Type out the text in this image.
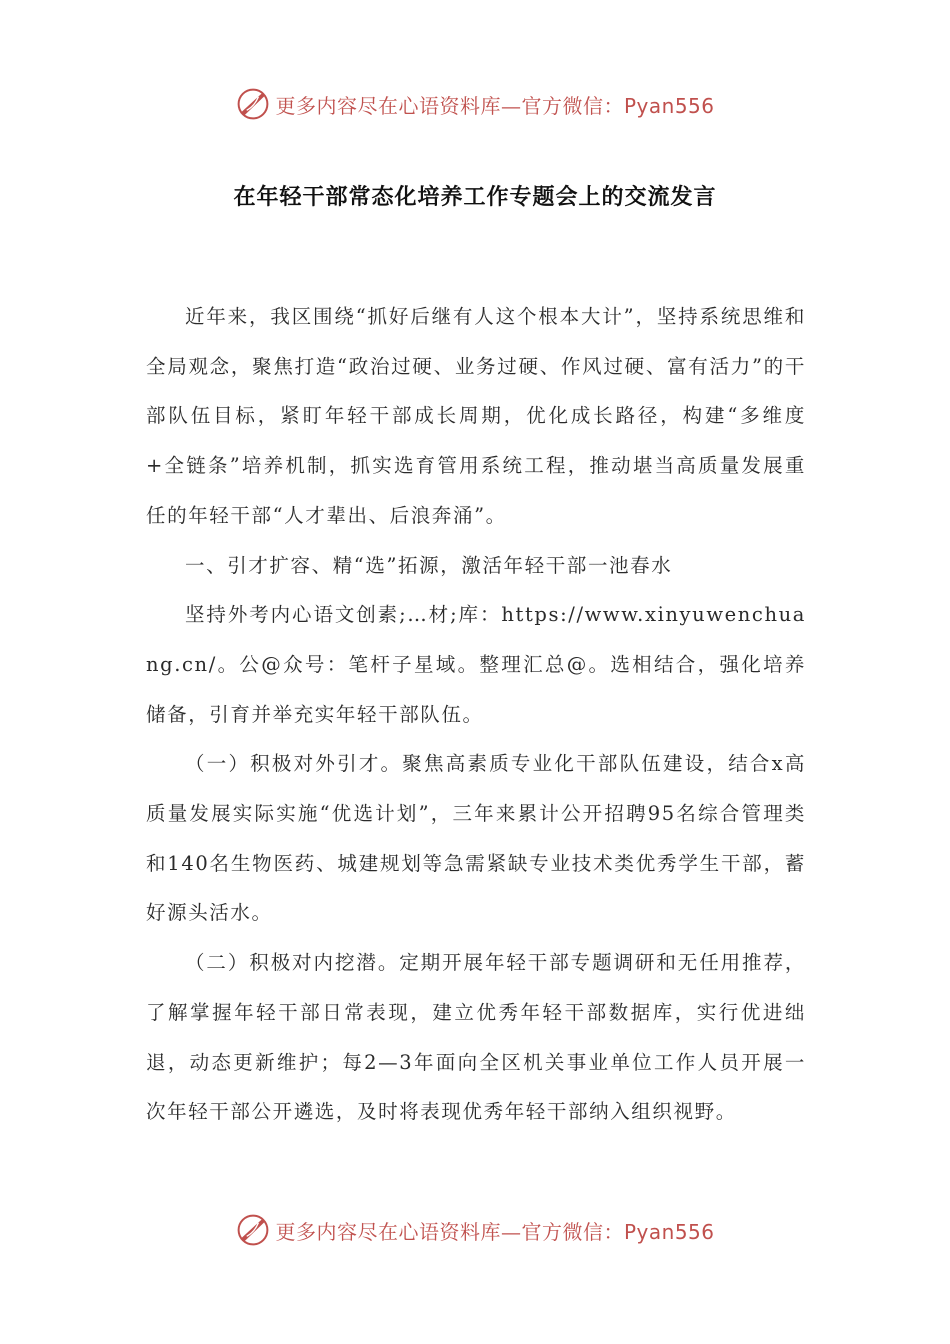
更多内容尽在心语资料库—官方微信：Pyan556
在年轻干部常态化培养工作专题会上的交流发言

近年来，我区围绕“抓好后继有人这个根本大计”，坚持系统思维和全局观念，聚焦打造“政治过硬、业务过硬、作风过硬、富有活力”的干部队伍目标，紧盯年轻干部成长周期，优化成长路径，构建“多维度+全链条”培养机制，抓实选育管用系统工程，推动堪当高质量发展重任的年轻干部“人才辈出、后浪奔涌”。

一、引才扩容、精“选”拓源，激活年轻干部一池春水

坚持外考内心语文创素;…材;库：https://www.xinyuwenchuang.cn/。公@众号：笔杆子星域。整理汇总@。选相结合，强化培养储备，引育并举充实年轻干部队伍。

（一）积极对外引才。聚焦高素质专业化干部队伍建设，结合x高质量发展实际实施“优选计划”，三年来累计公开招聘95名综合管理类和140名生物医药、城建规划等急需紧缺专业技术类优秀学生干部，蓄好源头活水。

（二）积极对内挖潜。定期开展年轻干部专题调研和无任用推荐，了解掌握年轻干部日常表现，建立优秀年轻干部数据库，实行优进绌退，动态更新维护；每2—3年面向全区机关事业单位工作人员开展一次年轻干部公开遴选，及时将表现优秀年轻干部纳入组织视野。

更多内容尽在心语资料库—官方微信：Pyan556
